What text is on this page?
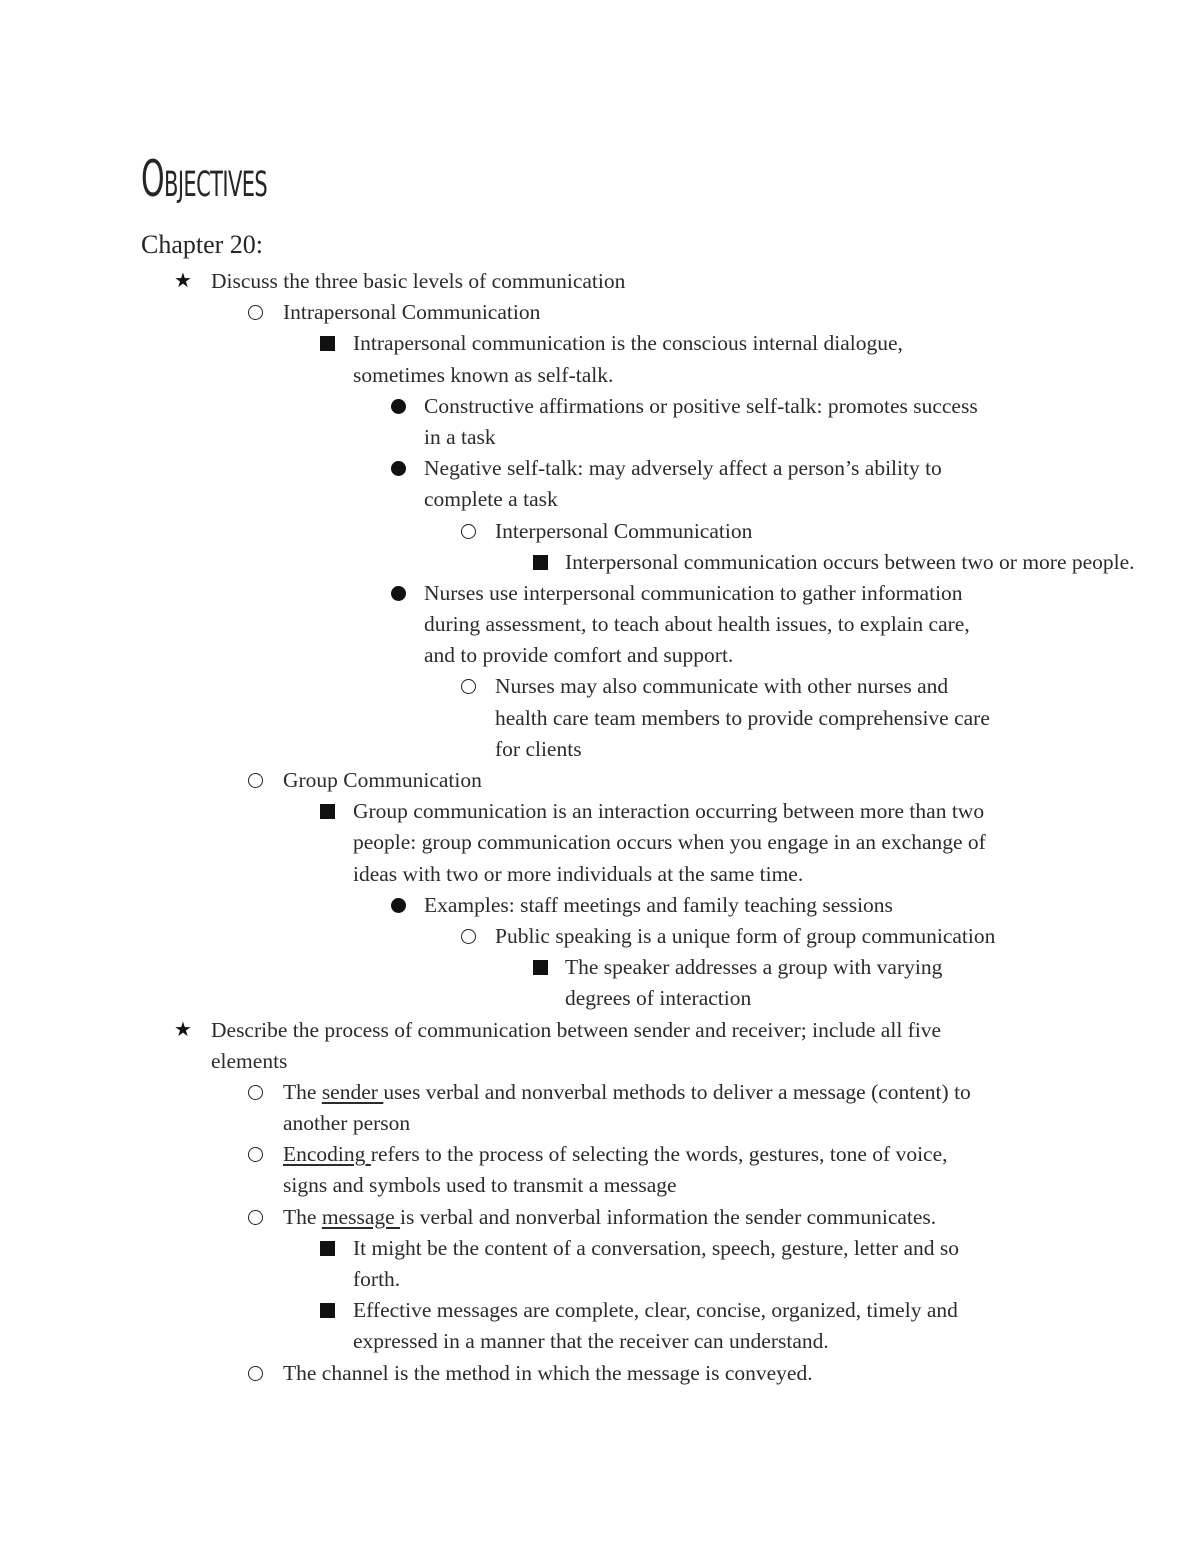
Objectives
Chapter 20:
★ Discuss the three basic levels of communication
Intrapersonal Communication
Intrapersonal communication is the conscious internal dialogue,
sometimes known as self-talk.
Constructive affirmations or positive self-talk: promotes success
in a task
Negative self-talk: may adversely affect a person’s ability to
complete a task
Interpersonal Communication
Interpersonal communication occurs between two or more people.
Nurses use interpersonal communication to gather information
during assessment, to teach about health issues, to explain care,
and to provide comfort and support.
Nurses may also communicate with other nurses and
health care team members to provide comprehensive care
for clients
Group Communication
Group communication is an interaction occurring between more than two
people: group communication occurs when you engage in an exchange of
ideas with two or more individuals at the same time.
Examples: staff meetings and family teaching sessions
Public speaking is a unique form of group communication
The speaker addresses a group with varying
degrees of interaction
★ Describe the process of communication between sender and receiver; include all five
elements
The sender uses verbal and nonverbal methods to deliver a message (content) to
another person
Encoding refers to the process of selecting the words, gestures, tone of voice,
signs and symbols used to transmit a message
The message is verbal and nonverbal information the sender communicates.
It might be the content of a conversation, speech, gesture, letter and so
forth.
Effective messages are complete, clear, concise, organized, timely and
expressed in a manner that the receiver can understand.
The channel is the method in which the message is conveyed.
